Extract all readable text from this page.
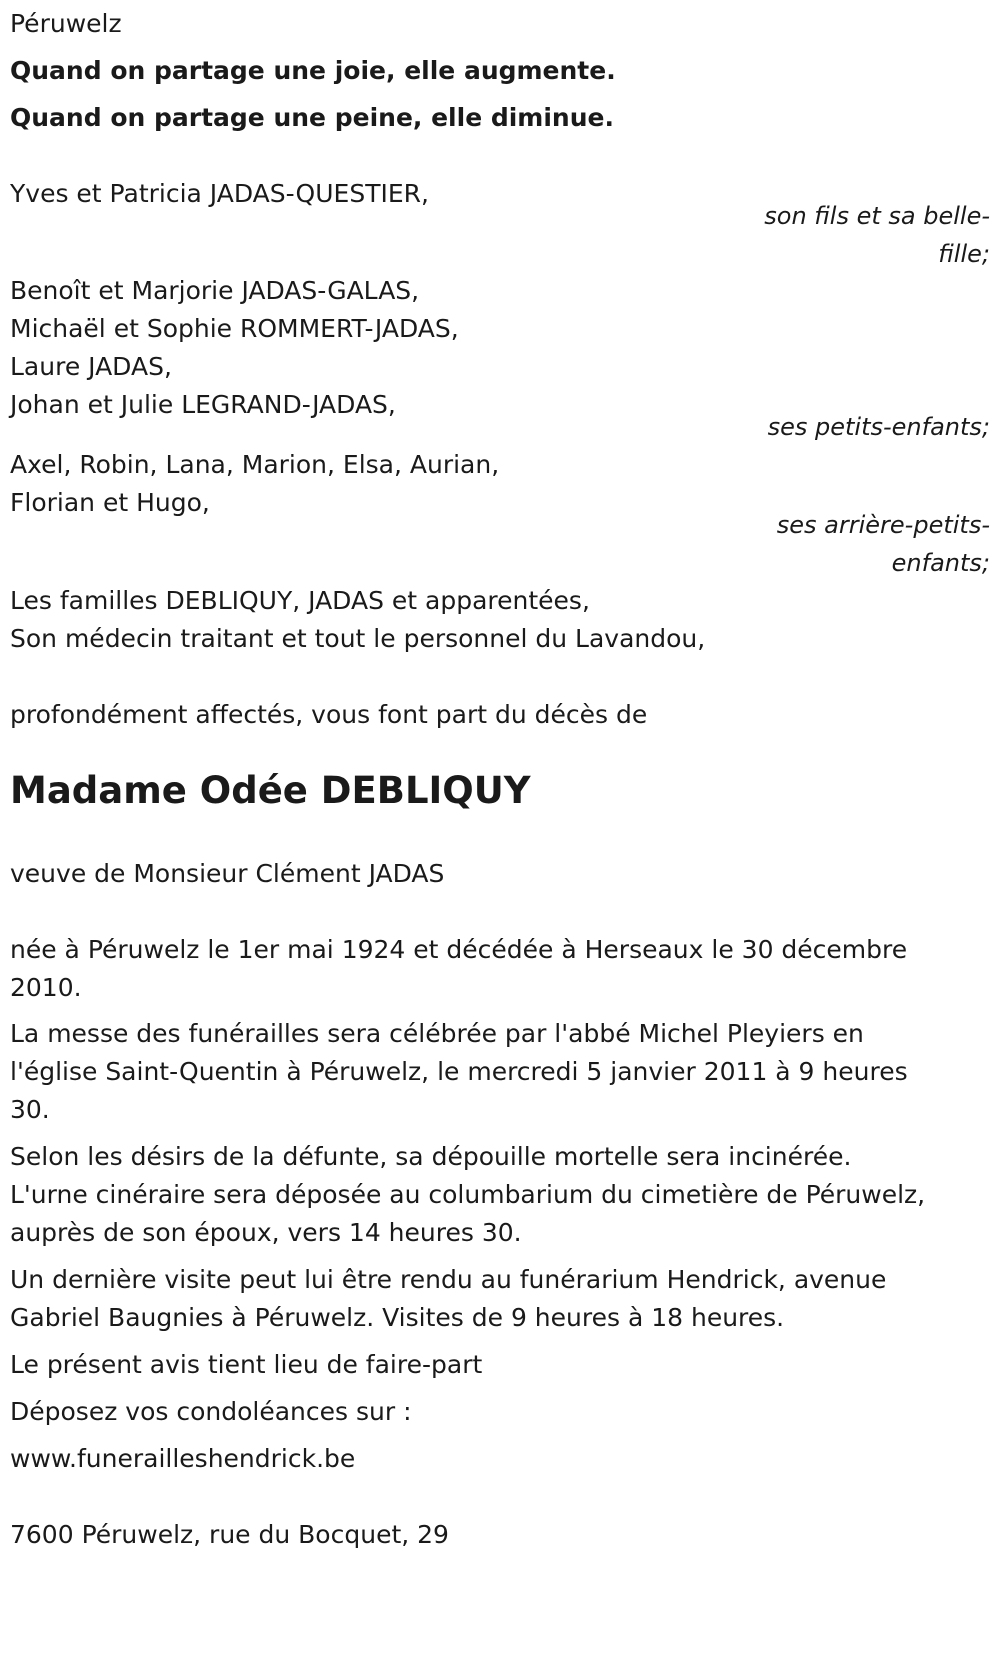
Péruwelz

Quand on partage une joie, elle augmente.

Quand on partage une peine, elle diminue.

Yves et Patricia JADAS-QUESTIER,

son fils et sa belle-

fille;

Benoît et Marjorie JADAS-GALAS,

Michaël et Sophie ROMMERT-JADAS,

Laure JADAS,

Johan et Julie LEGRAND-JADAS,

ses petits-enfants;

Axel, Robin, Lana, Marion, Elsa, Aurian,

Florian et Hugo,

ses arrière-petits-

enfants;

Les familles DEBLIQUY, JADAS et apparentées,

Son médecin traitant et tout le personnel du Lavandou,

profondément affectés, vous font part du décès de

Madame Odée DEBLIQUY

veuve de Monsieur Clément JADAS

née à Péruwelz le 1er mai 1924 et décédée à Herseaux le 30 décembre

2010.

La messe des funérailles sera célébrée par l'abbé Michel Pleyiers en

l'église Saint-Quentin à Péruwelz, le mercredi 5 janvier 2011 à 9 heures

30.

Selon les désirs de la défunte, sa dépouille mortelle sera incinérée.

L'urne cinéraire sera déposée au columbarium du cimetière de Péruwelz,

auprès de son époux, vers 14 heures 30.

Un dernière visite peut lui être rendu au funérarium Hendrick, avenue

Gabriel Baugnies à Péruwelz. Visites de 9 heures à 18 heures.

Le présent avis tient lieu de faire-part

Déposez vos condoléances sur :

www.funerailleshendrick.be

7600 Péruwelz, rue du Bocquet, 29
